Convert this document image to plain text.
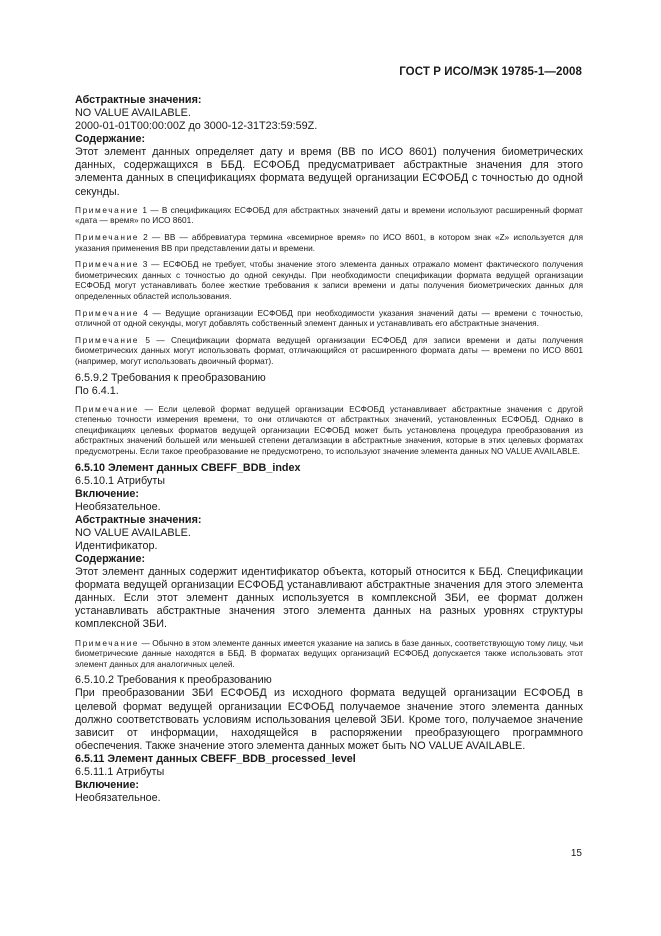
ГОСТ Р ИСО/МЭК 19785-1—2008
Абстрактные значения:
NO VALUE AVAILABLE.
2000-01-01T00:00:00Z до 3000-12-31T23:59:59Z.
Содержание:
Этот элемент данных определяет дату и время (ВВ по ИСО 8601) получения биометрических данных, содержащихся в ББД. ЕСФОБД предусматривает абстрактные значения для этого элемента данных в спецификациях формата ведущей организации ЕСФОБД с точностью до одной секунды.
Примечание 1 — В спецификациях ЕСФОБД для абстрактных значений даты и времени используют расширенный формат «дата — время» по ИСО 8601.
Примечание 2 — ВВ — аббревиатура термина «всемирное время» по ИСО 8601, в котором знак «Z» используется для указания применения ВВ при представлении даты и времени.
Примечание 3 — ЕСФОБД не требует, чтобы значение этого элемента данных отражало момент фактического получения биометрических данных с точностью до одной секунды. При необходимости спецификации формата ведущей организации ЕСФОБД могут устанавливать более жесткие требования к записи времени и даты получения биометрических данных для определенных областей использования.
Примечание 4 — Ведущие организации ЕСФОБД при необходимости указания значений даты — времени с точностью, отличной от одной секунды, могут добавлять собственный элемент данных и устанавливать его абстрактные значения.
Примечание 5 — Спецификации формата ведущей организации ЕСФОБД для записи времени и даты получения биометрических данных могут использовать формат, отличающийся от расширенного формата даты — времени по ИСО 8601 (например, могут использовать двоичный формат).
6.5.9.2 Требования к преобразованию
По 6.4.1.
Примечание — Если целевой формат ведущей организации ЕСФОБД устанавливает абстрактные значения с другой степенью точности измерения времени, то они отличаются от абстрактных значений, установленных ЕСФОБД. Однако в спецификациях целевых форматов ведущей организации ЕСФОБД может быть установлена процедура преобразования из абстрактных значений большей или меньшей степени детализации в абстрактные значения, которые в этих целевых форматах предусмотрены. Если такое преобразование не предусмотрено, то используют значение элемента данных NO VALUE AVAILABLE.
6.5.10 Элемент данных CBEFF_BDB_index
6.5.10.1 Атрибуты
Включение:
Необязательное.
Абстрактные значения:
NO VALUE AVAILABLE.
Идентификатор.
Содержание:
Этот элемент данных содержит идентификатор объекта, который относится к ББД. Спецификации формата ведущей организации ЕСФОБД устанавливают абстрактные значения для этого элемента данных. Если этот элемент данных используется в комплексной ЗБИ, ее формат должен устанавливать абстрактные значения этого элемента данных на разных уровнях структуры комплексной ЗБИ.
Примечание — Обычно в этом элементе данных имеется указание на запись в базе данных, соответствующую тому лицу, чьи биометрические данные находятся в ББД. В форматах ведущих организаций ЕСФОБД допускается также использовать этот элемент данных для аналогичных целей.
6.5.10.2 Требования к преобразованию
При преобразовании ЗБИ ЕСФОБД из исходного формата ведущей организации ЕСФОБД в целевой формат ведущей организации ЕСФОБД получаемое значение этого элемента данных должно соответствовать условиям использования целевой ЗБИ. Кроме того, получаемое значение зависит от информации, находящейся в распоряжении преобразующего программного обеспечения. Также значение этого элемента данных может быть NO VALUE AVAILABLE.
6.5.11 Элемент данных CBEFF_BDB_processed_level
6.5.11.1 Атрибуты
Включение:
Необязательное.
15
